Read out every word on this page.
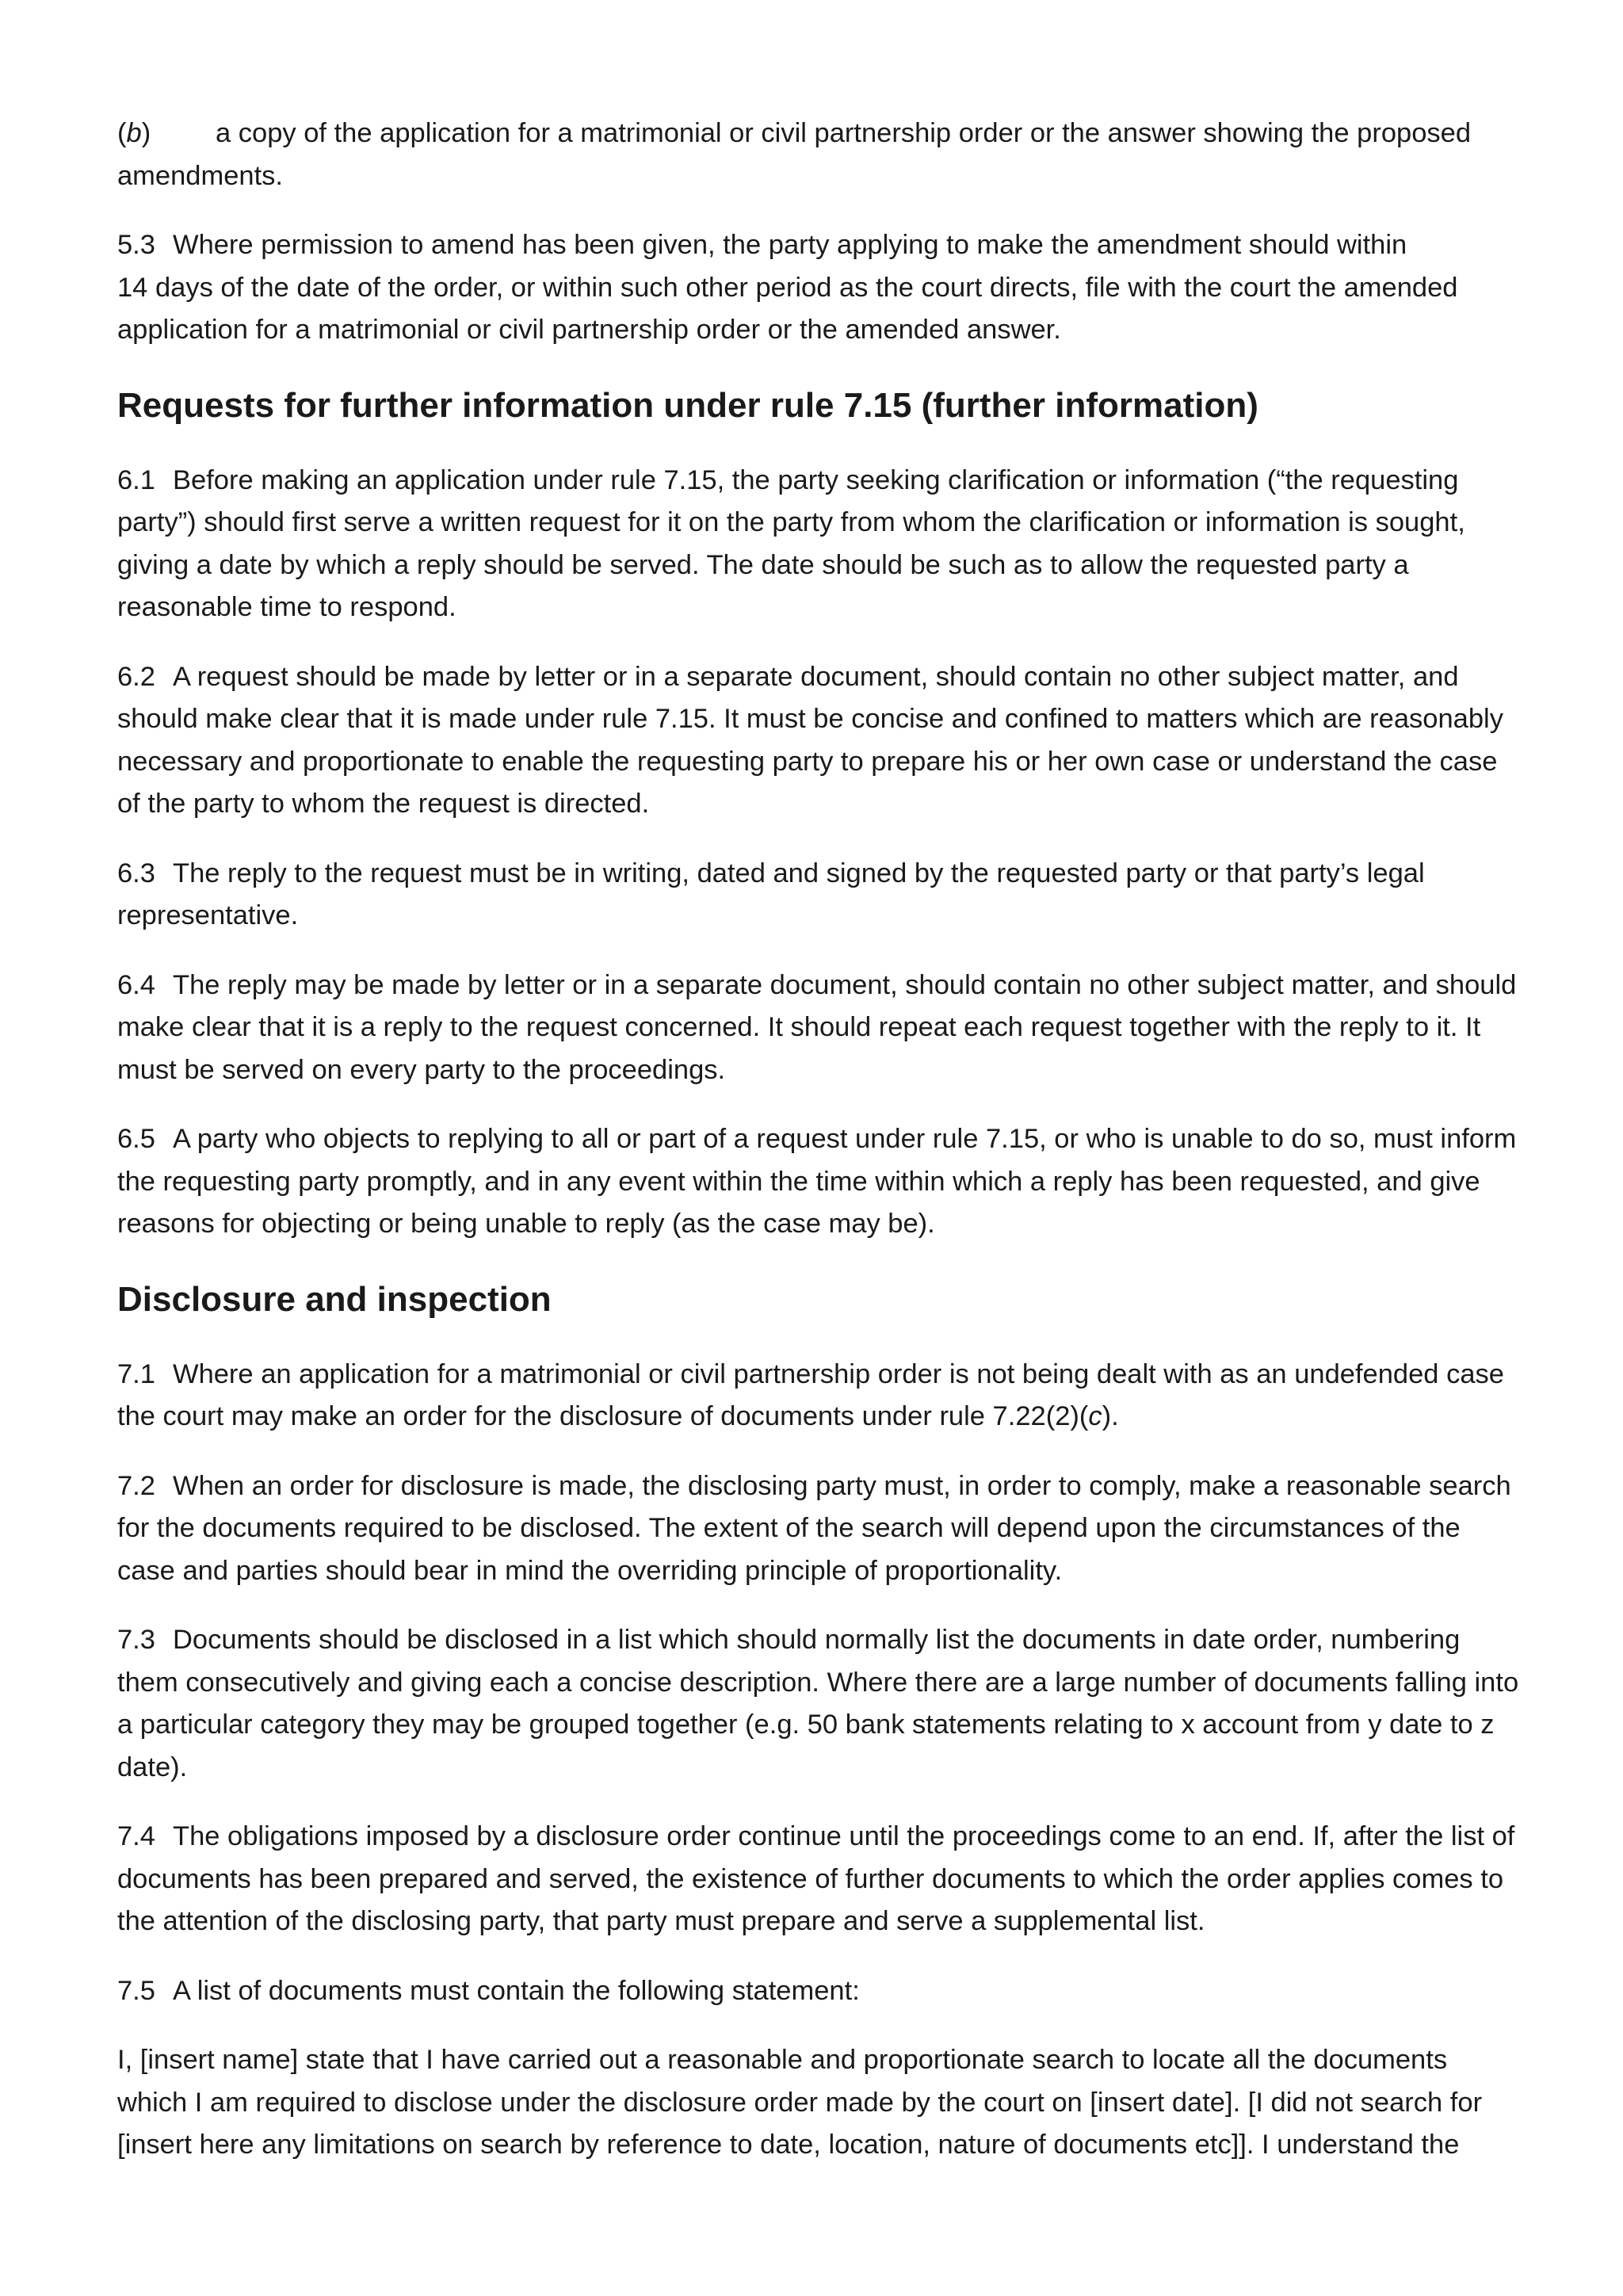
(b) a copy of the application for a matrimonial or civil partnership order or the answer showing the proposed amendments.

5.3 Where permission to amend has been given, the party applying to make the amendment should within
14 days of the date of the order, or within such other period as the court directs, file with the court the amended application for a matrimonial or civil partnership order or the amended answer.

Requests for further information under rule 7.15 (further information)

6.1 Before making an application under rule 7.15, the party seeking clarification or information (“the requesting party”) should first serve a written request for it on the party from whom the clarification or information is sought, giving a date by which a reply should be served. The date should be such as to allow the requested party a reasonable time to respond.

6.2 A request should be made by letter or in a separate document, should contain no other subject matter, and should make clear that it is made under rule 7.15. It must be concise and confined to matters which are reasonably necessary and proportionate to enable the requesting party to prepare his or her own case or understand the case of the party to whom the request is directed.

6.3 The reply to the request must be in writing, dated and signed by the requested party or that party’s legal representative.

6.4 The reply may be made by letter or in a separate document, should contain no other subject matter, and should make clear that it is a reply to the request concerned. It should repeat each request together with the reply to it. It must be served on every party to the proceedings.

6.5 A party who objects to replying to all or part of a request under rule 7.15, or who is unable to do so, must inform the requesting party promptly, and in any event within the time within which a reply has been requested, and give reasons for objecting or being unable to reply (as the case may be).

Disclosure and inspection

7.1 Where an application for a matrimonial or civil partnership order is not being dealt with as an undefended case the court may make an order for the disclosure of documents under rule 7.22(2)(c).

7.2 When an order for disclosure is made, the disclosing party must, in order to comply, make a reasonable search for the documents required to be disclosed. The extent of the search will depend upon the circumstances of the case and parties should bear in mind the overriding principle of proportionality.

7.3 Documents should be disclosed in a list which should normally list the documents in date order, numbering them consecutively and giving each a concise description. Where there are a large number of documents falling into a particular category they may be grouped together (e.g. 50 bank statements relating to x account from y date to z date).

7.4 The obligations imposed by a disclosure order continue until the proceedings come to an end. If, after the list of documents has been prepared and served, the existence of further documents to which the order applies comes to the attention of the disclosing party, that party must prepare and serve a supplemental list.

7.5 A list of documents must contain the following statement:

I, [insert name] state that I have carried out a reasonable and proportionate search to locate all the documents which I am required to disclose under the disclosure order made by the court on [insert date]. [I did not search for [insert here any limitations on search by reference to date, location, nature of documents etc]]. I understand the
